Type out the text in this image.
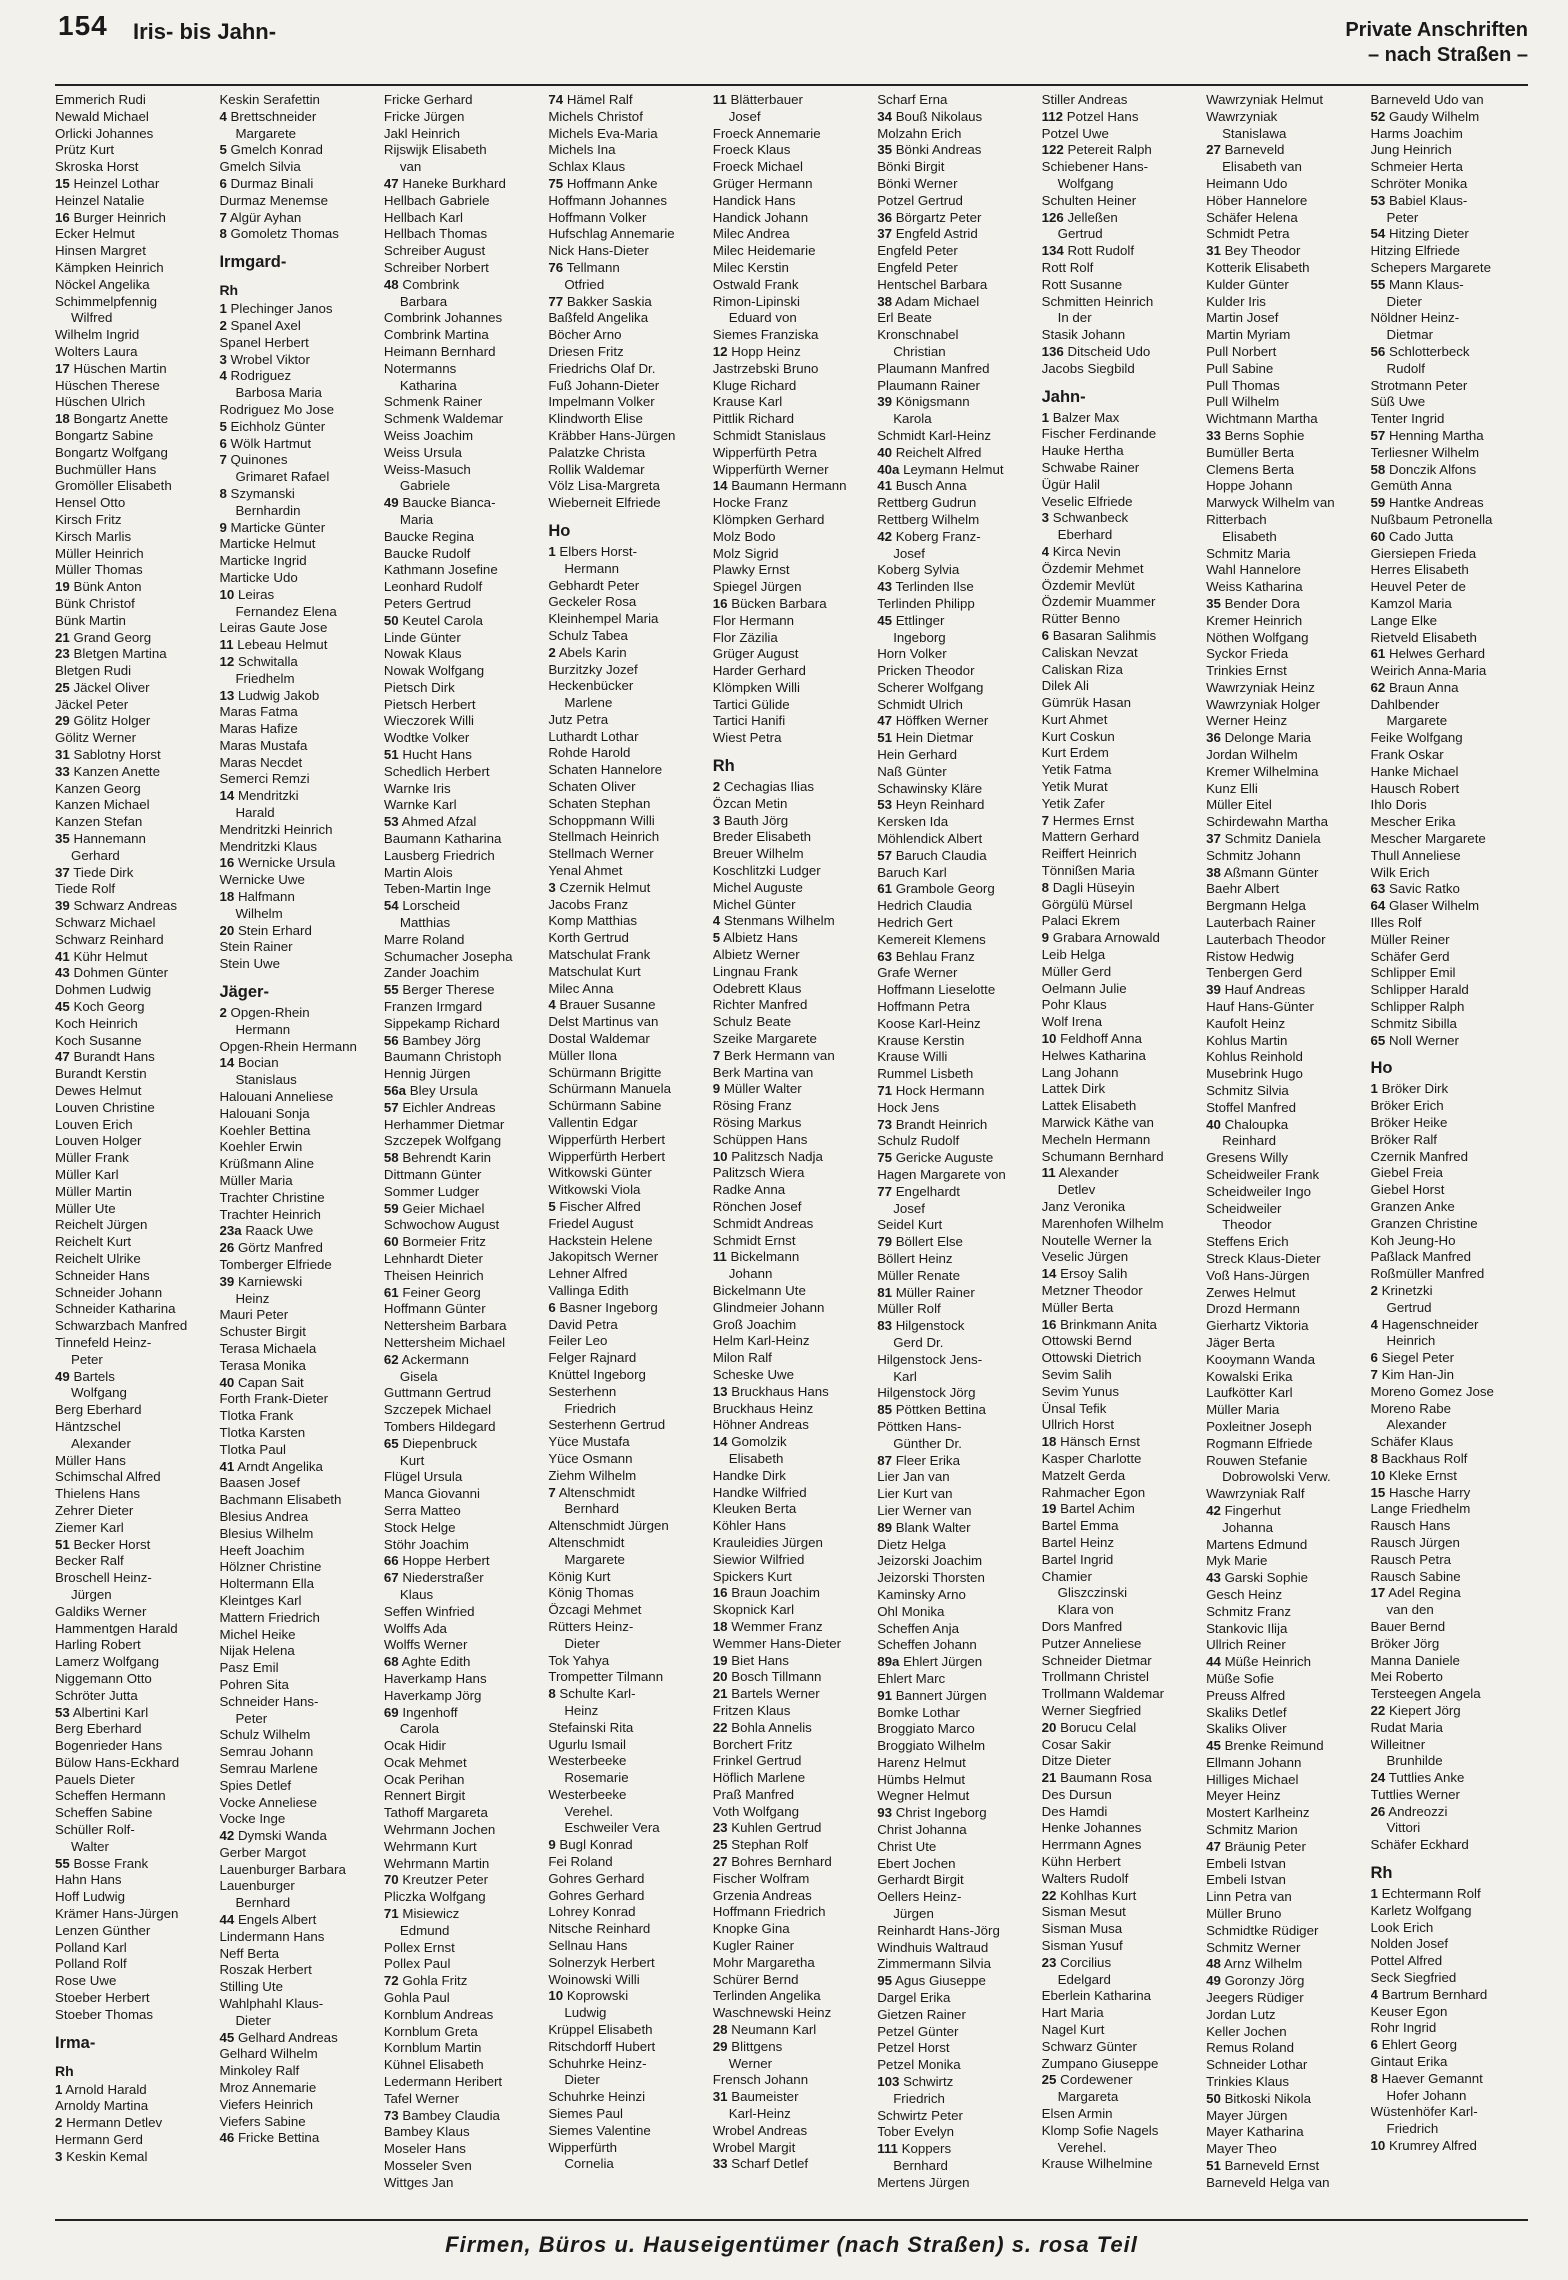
154 Iris- bis Jahn-	Private Anschriften
– nach Straßen –
Emmerich Rudi
Newald Michael
Orlicki Johannes
Prütz Kurt
Skroska Horst
15 Heinzel Lothar
Heinzel Natalie
16 Burger Heinrich
Ecker Helmut
Hinsen Margret
Kämpken Heinrich
Nöckel Angelika
Schimmelpfennig
Wilfred
Wilhelm Ingrid
Wolters Laura
17 Hüschen Martin
Hüschen Therese
Hüschen Ulrich
18 Bongartz Anette
Bongartz Sabine
Bongartz Wolfgang
Buchmüller Hans
Gromöller Elisabeth
Hensel Otto
Kirsch Fritz
Kirsch Marlis
Müller Heinrich
Müller Thomas
19 Bünk Anton
Bünk Christof
Bünk Martin
21 Grand Georg
23 Bletgen Martina
Bletgen Rudi
25 Jäckel Oliver
Jäckel Peter
29 Gölitz Holger
Gölitz Werner
31 Sablotny Horst
33 Kanzen Anette
Kanzen Georg
Kanzen Michael
Kanzen Stefan
35 Hannemann
Gerhard
37 Tiede Dirk
Tiede Rolf
39 Schwarz Andreas
Schwarz Michael
Schwarz Reinhard
41 Kühr Helmut
43 Dohmen Günter
Dohmen Ludwig
45 Koch Georg
Koch Heinrich
Koch Susanne
47 Burandt Hans
Burandt Kerstin
Dewes Helmut
Louven Christine
Louven Erich
Louven Holger
Müller Frank
Müller Karl
Müller Martin
Müller Ute
Reichelt Jürgen
Reichelt Kurt
Reichelt Ulrike
Schneider Hans
Schneider Johann
Schneider Katharina
Schwarzbach Manfred
Tinnefeld Heinz-
Peter
49 Bartels
Wolfgang
Berg Eberhard
Häntzschel
Alexander
Müller Hans
Schimschal Alfred
Thielens Hans
Zehrer Dieter
Ziemer Karl
51 Becker Horst
Becker Ralf
Broschell Heinz-
Jürgen
Galdiks Werner
Hammentgen Harald
Harling Robert
Lamerz Wolfgang
Niggemann Otto
Schröter Jutta
53 Albertini Karl
Berg Eberhard
Bogenrieder Hans
Bülow Hans-Eckhard
Pauels Dieter
Scheffen Hermann
Scheffen Sabine
Schüller Rolf-
Walter
55 Bosse Frank
Hahn Hans
Hoff Ludwig
Krämer Hans-Jürgen
Lenzen Günther
Polland Karl
Polland Rolf
Rose Uwe
Stoeber Herbert
Stoeber Thomas
Irma-
Rh
1 Arnold Harald
Arnoldy Martina
2 Hermann Detlev
Hermann Gerd
3 Keskin Kemal
Keskin Serafettin
4 Brettschneider
Margarete
5 Gmelch Konrad
Gmelch Silvia
6 Durmaz Binali
Durmaz Menemse
7 Algür Ayhan
8 Gomoletz Thomas
Irmgard-
Rh
1 Plechinger Janos
2 Spanel Axel
Spanel Herbert
3 Wrobel Viktor
4 Rodriguez
Barbosa Maria
Rodriguez Mo Jose
5 Eichholz Günter
6 Wölk Hartmut
7 Quinones
Grimaret Rafael
8 Szymanski
Bernhardin
9 Marticke Günter
Marticke Helmut
Marticke Ingrid
Marticke Udo
10 Leiras
Fernandez Elena
Leiras Gaute Jose
11 Lebeau Helmut
12 Schwitalla
Friedhelm
13 Ludwig Jakob
Maras Fatma
Maras Hafize
Maras Mustafa
Maras Necdet
Semerci Remzi
14 Mendritzki
Harald
Mendritzki Heinrich
Mendritzki Klaus
16 Wernicke Ursula
Wernicke Uwe
18 Halfmann
Wilhelm
20 Stein Erhard
Stein Rainer
Stein Uwe
Jäger-
2 Opgen-Rhein
Hermann
Opgen-Rhein Hermann
14 Bocian
Stanislaus
Halouani Anneliese
Halouani Sonja
Koehler Bettina
Koehler Erwin
Krüßmann Aline
Müller Maria
Trachter Christine
Trachter Heinrich
23a Raack Uwe
26 Görtz Manfred
Tomberger Elfriede
39 Karniewski
Heinz
Mauri Peter
Schuster Birgit
Terasa Michaela
Terasa Monika
40 Capan Sait
Forth Frank-Dieter
Tlotka Frank
Tlotka Karsten
Tlotka Paul
41 Arndt Angelika
Baasen Josef
Bachmann Elisabeth
Blesius Andrea
Blesius Wilhelm
Heeft Joachim
Hölzner Christine
Holtermann Ella
Kleintges Karl
Mattern Friedrich
Michel Heike
Nijak Helena
Pasz Emil
Pohren Sita
Schneider Hans-
Peter
Schulz Wilhelm
Semrau Johann
Semrau Marlene
Spies Detlef
Vocke Anneliese
Vocke Inge
42 Dymski Wanda
Gerber Margot
Lauenburger Barbara
Lauenburger
Bernhard
44 Engels Albert
Lindermann Hans
Neff Berta
Roszak Herbert
Stilling Ute
Wahlphahl Klaus-
Dieter
45 Gelhard Andreas
Gelhard Wilhelm
Minkoley Ralf
Mroz Annemarie
Viefers Heinrich
Viefers Sabine
46 Fricke Bettina
Fricke Gerhard
Fricke Jürgen
Jakl Heinrich
Rijswijk Elisabeth
van
47 Haneke Burkhard
Hellbach Gabriele
Hellbach Karl
Hellbach Thomas
Schreiber August
Schreiber Norbert
48 Combrink
Barbara
Combrink Johannes
Combrink Martina
Heimann Bernhard
Notermanns
Katharina
Schmenk Rainer
Schmenk Waldemar
Weiss Joachim
Weiss Ursula
Weiss-Masuch
Gabriele
49 Baucke Bianca-
Maria
Baucke Regina
Baucke Rudolf
Kathmann Josefine
Leonhard Rudolf
Peters Gertrud
50 Keutel Carola
Linde Günter
Nowak Klaus
Nowak Wolfgang
Pietsch Dirk
Pietsch Herbert
Wieczorek Willi
Wodtke Volker
51 Hucht Hans
Schedlich Herbert
Warnke Iris
Warnke Karl
53 Ahmed Afzal
Baumann Katharina
Lausberg Friedrich
Martin Alois
Teben-Martin Inge
54 Lorscheid
Matthias
Marre Roland
Schumacher Josepha
Zander Joachim
55 Berger Therese
Franzen Irmgard
Sippekamp Richard
56 Bambey Jörg
Baumann Christoph
Hennig Jürgen
56a Bley Ursula
57 Eichler Andreas
Herhammer Dietmar
Szczepek Wolfgang
58 Behrendt Karin
Dittmann Günter
Sommer Ludger
59 Geier Michael
Schwochow August
60 Bormeier Fritz
Lehnhardt Dieter
Theisen Heinrich
61 Feiner Georg
Hoffmann Günter
Nettersheim Barbara
Nettersheim Michael
62 Ackermann
Gisela
Guttmann Gertrud
Szczepek Michael
Tombers Hildegard
65 Diepenbruck
Kurt
Flügel Ursula
Manca Giovanni
Serra Matteo
Stock Helge
Stöhr Joachim
66 Hoppe Herbert
67 Niederstraßer
Klaus
Seffen Winfried
Wolffs Ada
Wolffs Werner
68 Aghte Edith
Haverkamp Hans
Haverkamp Jörg
69 Ingenhoff
Carola
Ocak Hidir
Ocak Mehmet
Ocak Perihan
Rennert Birgit
Tathoff Margareta
Wehrmann Jochen
Wehrmann Kurt
Wehrmann Martin
70 Kreutzer Peter
Pliczka Wolfgang
71 Misiewicz
Edmund
Pollex Ernst
Pollex Paul
72 Gohla Fritz
Gohla Paul
Kornblum Andreas
Kornblum Greta
Kornblum Martin
Kühnel Elisabeth
Ledermann Heribert
Tafel Werner
73 Bambey Claudia
Bambey Klaus
Moseler Hans
Mosseler Sven
Wittges Jan
74 Hämel Ralf
Michels Christof
Michels Eva-Maria
Michels Ina
Schlax Klaus
75 Hoffmann Anke
Hoffmann Johannes
Hoffmann Volker
Hufschlag Annemarie
Nick Hans-Dieter
76 Tellmann
Otfried
77 Bakker Saskia
Baßfeld Angelika
Böcher Arno
Driesen Fritz
Friedrichs Olaf Dr.
Fuß Johann-Dieter
Impelmann Volker
Klindworth Elise
Kräbber Hans-Jürgen
Palatzke Christa
Rollik Waldemar
Völz Lisa-Margreta
Wieberneit Elfriede
Ho
1 Elbers Horst-
Hermann
Gebhardt Peter
Geckeler Rosa
Kleinhempel Maria
Schulz Tabea
2 Abels Karin
Burzitzky Jozef
Heckenbücker
Marlene
Jutz Petra
Luthardt Lothar
Rohde Harold
Schaten Hannelore
Schaten Oliver
Schaten Stephan
Schoppmann Willi
Stellmach Heinrich
Stellmach Werner
Yenal Ahmet
3 Czernik Helmut
Jacobs Franz
Komp Matthias
Korth Gertrud
Matschulat Frank
Matschulat Kurt
Milec Anna
4 Brauer Susanne
Delst Martinus van
Dostal Waldemar
Müller Ilona
Schürmann Brigitte
Schürmann Manuela
Schürmann Sabine
Vallentin Edgar
Wipperfürth Herbert
Wipperfürth Herbert
Witkowski Günter
Witkowski Viola
5 Fischer Alfred
Friedel August
Hackstein Helene
Jakopitsch Werner
Lehner Alfred
Vallinga Edith
6 Basner Ingeborg
David Petra
Feiler Leo
Felger Rajnard
Knüttel Ingeborg
Sesterhenn
Friedrich
Sesterhenn Gertrud
Yüce Mustafa
Yüce Osmann
Ziehm Wilhelm
7 Altenschmidt
Bernhard
Altenschmidt Jürgen
Altenschmidt
Margarete
König Kurt
König Thomas
Özcagi Mehmet
Rütters Heinz-
Dieter
Tok Yahya
Trompetter Tilmann
8 Schulte Karl-
Heinz
Stefainski Rita
Ugurlu Ismail
Westerbeeke
Rosemarie
Westerbeeke
Verehel.
Eschweiler Vera
9 Bugl Konrad
Fei Roland
Gohres Gerhard
Gohres Gerhard
Lohrey Konrad
Nitsche Reinhard
Sellnau Hans
Solnerzyk Herbert
Woinowski Willi
10 Koprowski
Ludwig
Krüppel Elisabeth
Ritschdorff Hubert
Schuhrke Heinz-
Dieter
Schuhrke Heinzi
Siemes Paul
Siemes Valentine
Wipperfürth
Cornelia
11 Blätterbauer
Josef
Froeck Annemarie
Froeck Klaus
Froeck Michael
Grüger Hermann
Handick Hans
Handick Johann
Milec Andrea
Milec Heidemarie
Milec Kerstin
Ostwald Frank
Rimon-Lipinski
Eduard von
Siemes Franziska
12 Hopp Heinz
Jastrzebski Bruno
Kluge Richard
Krause Karl
Pittlik Richard
Schmidt Stanislaus
Wipperfürth Petra
Wipperfürth Werner
14 Baumann Hermann
Hocke Franz
Klömpken Gerhard
Molz Bodo
Molz Sigrid
Plawky Ernst
Spiegel Jürgen
16 Bücken Barbara
Flor Hermann
Flor Zäzilia
Grüger August
Harder Gerhard
Klömpken Willi
Tartici Gülide
Tartici Hanifi
Wiest Petra
Rh
2 Cechagias Ilias
Özcan Metin
3 Bauth Jörg
Breder Elisabeth
Breuer Wilhelm
Koschlitzki Ludger
Michel Auguste
Michel Günter
4 Stenmans Wilhelm
5 Albietz Hans
Albietz Werner
Lingnau Frank
Odebrett Klaus
Richter Manfred
Schulz Beate
Szeike Margarete
7 Berk Hermann van
Berk Martina van
9 Müller Walter
Rösing Franz
Rösing Markus
Schüppen Hans
10 Palitzsch Nadja
Palitzsch Wiera
Radke Anna
Rönchen Josef
Schmidt Andreas
Schmidt Ernst
11 Bickelmann
Johann
Bickelmann Ute
Glindmeier Johann
Groß Joachim
Helm Karl-Heinz
Milon Ralf
Scheske Uwe
13 Bruckhaus Hans
Bruckhaus Heinz
Höhner Andreas
14 Gomolzik
Elisabeth
Handke Dirk
Handke Wilfried
Kleuken Berta
Köhler Hans
Krauleidies Jürgen
Siewior Wilfried
Spickers Kurt
16 Braun Joachim
Skopnick Karl
18 Wemmer Franz
Wemmer Hans-Dieter
19 Biet Hans
20 Bosch Tillmann
21 Bartels Werner
Fritzen Klaus
22 Bohla Annelis
Borchert Fritz
Frinkel Gertrud
Höflich Marlene
Praß Manfred
Voth Wolfgang
23 Kuhlen Gertrud
25 Stephan Rolf
27 Bohres Bernhard
Fischer Wolfram
Grzenia Andreas
Hoffmann Friedrich
Knopke Gina
Kugler Rainer
Mohr Margaretha
Schürer Bernd
Terlinden Angelika
Waschnewski Heinz
28 Neumann Karl
29 Blittgens
Werner
Frensch Johann
31 Baumeister
Karl-Heinz
Wrobel Andreas
Wrobel Margit
33 Scharf Detlef
Scharf Erna
34 Bouß Nikolaus
Molzahn Erich
35 Bönki Andreas
Bönki Birgit
Bönki Werner
Potzel Gertrud
36 Börgartz Peter
37 Engfeld Astrid
Engfeld Peter
Engfeld Peter
Hentschel Barbara
38 Adam Michael
Erl Beate
Kronschnabel
Christian
Plaumann Manfred
Plaumann Rainer
39 Königsmann
Karola
Schmidt Karl-Heinz
40 Reichelt Alfred
40a Leymann Helmut
41 Busch Anna
Rettberg Gudrun
Rettberg Wilhelm
42 Koberg Franz-
Josef
Koberg Sylvia
43 Terlinden Ilse
Terlinden Philipp
45 Ettlinger
Ingeborg
Horn Volker
Pricken Theodor
Scherer Wolfgang
Schmidt Ulrich
47 Höffken Werner
51 Hein Dietmar
Hein Gerhard
Naß Günter
Schawinsky Kläre
53 Heyn Reinhard
Kersken Ida
Möhlendick Albert
57 Baruch Claudia
Baruch Karl
61 Grambole Georg
Hedrich Claudia
Hedrich Gert
Kemereit Klemens
63 Behlau Franz
Grafe Werner
Hoffmann Lieselotte
Hoffmann Petra
Koose Karl-Heinz
Krause Kerstin
Krause Willi
Rummel Lisbeth
71 Hock Hermann
Hock Jens
73 Brandt Heinrich
Schulz Rudolf
75 Gericke Auguste
Hagen Margarete von
77 Engelhardt
Josef
Seidel Kurt
79 Böllert Else
Böllert Heinz
Müller Renate
81 Müller Rainer
Müller Rolf
83 Hilgenstock
Gerd Dr.
Hilgenstock Jens-
Karl
Hilgenstock Jörg
85 Pöttken Bettina
Pöttken Hans-
Günther Dr.
87 Fleer Erika
Lier Jan van
Lier Kurt van
Lier Werner van
89 Blank Walter
Dietz Helga
Jeizorski Joachim
Jeizorski Thorsten
Kaminsky Arno
Ohl Monika
Scheffen Anja
Scheffen Johann
89a Ehlert Jürgen
Ehlert Marc
91 Bannert Jürgen
Bomke Lothar
Broggiato Marco
Broggiato Wilhelm
Harenz Helmut
Hümbs Helmut
Wegner Helmut
93 Christ Ingeborg
Christ Johanna
Christ Ute
Ebert Jochen
Gerhardt Birgit
Oellers Heinz-
Jürgen
Reinhardt Hans-Jörg
Windhuis Waltraud
Zimmermann Silvia
95 Agus Giuseppe
Dargel Erika
Gietzen Rainer
Petzel Günter
Petzel Horst
Petzel Monika
103 Schwirtz
Friedrich
Schwirtz Peter
Tober Evelyn
111 Koppers
Bernhard
Mertens Jürgen
Stiller Andreas
112 Potzel Hans
Potzel Uwe
122 Petereit Ralph
Schiebener Hans-
Wolfgang
Schulten Heiner
126 Jelleßen
Gertrud
134 Rott Rudolf
Rott Rolf
Rott Susanne
Schmitten Heinrich
In der
Stasik Johann
136 Ditscheid Udo
Jacobs Siegbild
Jahn-
1 Balzer Max
Fischer Ferdinande
Hauke Hertha
Schwabe Rainer
Ügür Halil
Veselic Elfriede
3 Schwanbeck
Eberhard
4 Kirca Nevin
Özdemir Mehmet
Özdemir Mevlüt
Özdemir Muammer
Rütter Benno
6 Basaran Salihmis
Caliskan Nevzat
Caliskan Riza
Dilek Ali
Gümrük Hasan
Kurt Ahmet
Kurt Coskun
Kurt Erdem
Yetik Fatma
Yetik Murat
Yetik Zafer
7 Hermes Ernst
Mattern Gerhard
Reiffert Heinrich
Tönnißen Maria
8 Dagli Hüseyin
Görgülü Mürsel
Palaci Ekrem
9 Grabara Arnowald
Leib Helga
Müller Gerd
Oelmann Julie
Pohr Klaus
Wolf Irena
10 Feldhoff Anna
Helwes Katharina
Lang Johann
Lattek Dirk
Lattek Elisabeth
Marwick Käthe van
Mecheln Hermann
Schumann Bernhard
11 Alexander
Detlev
Janz Veronika
Marenhofen Wilhelm
Noutelle Werner la
Veselic Jürgen
14 Ersoy Salih
Metzner Theodor
Müller Berta
16 Brinkmann Anita
Ottowski Bernd
Ottowski Dietrich
Sevim Salih
Sevim Yunus
Ünsal Tefik
Ullrich Horst
18 Hänsch Ernst
Kasper Charlotte
Matzelt Gerda
Rahmacher Egon
19 Bartel Achim
Bartel Emma
Bartel Heinz
Bartel Ingrid
Chamier
Gliszczinski
Klara von
Dors Manfred
Putzer Anneliese
Schneider Dietmar
Trollmann Christel
Trollmann Waldemar
Werner Siegfried
20 Borucu Celal
Cosar Sakir
Ditze Dieter
21 Baumann Rosa
Des Dursun
Des Hamdi
Henke Johannes
Herrmann Agnes
Kühn Herbert
Walters Rudolf
22 Kohlhas Kurt
Sisman Mesut
Sisman Musa
Sisman Yusuf
23 Corcilius
Edelgard
Eberlein Katharina
Hart Maria
Nagel Kurt
Schwarz Günter
Zumpano Giuseppe
25 Cordewener
Margareta
Elsen Armin
Klomp Sofie Nagels
Verehel.
Krause Wilhelmine
Wawrzyniak Helmut
Wawrzyniak
Stanislawa
27 Barneveld
Elisabeth van
Heimann Udo
Höber Hannelore
Schäfer Helena
Schmidt Petra
31 Bey Theodor
Kotterik Elisabeth
Kulder Günter
Kulder Iris
Martin Josef
Martin Myriam
Pull Norbert
Pull Sabine
Pull Thomas
Pull Wilhelm
Wichtmann Martha
33 Berns Sophie
Bumüller Berta
Clemens Berta
Hoppe Johann
Marwyck Wilhelm van
Ritterbach
Elisabeth
Schmitz Maria
Wahl Hannelore
Weiss Katharina
35 Bender Dora
Kremer Heinrich
Nöthen Wolfgang
Syckor Frieda
Trinkies Ernst
Wawrzyniak Heinz
Wawrzyniak Holger
Werner Heinz
36 Delonge Maria
Jordan Wilhelm
Kremer Wilhelmina
Kunz Elli
Müller Eitel
Schirdewahn Martha
37 Schmitz Daniela
Schmitz Johann
38 Aßmann Günter
Baehr Albert
Bergmann Helga
Lauterbach Rainer
Lauterbach Theodor
Ristow Hedwig
Tenbergen Gerd
39 Hauf Andreas
Hauf Hans-Günter
Kaufolt Heinz
Kohlus Martin
Kohlus Reinhold
Musebrink Hugo
Schmitz Silvia
Stoffel Manfred
40 Chaloupka
Reinhard
Gresens Willy
Scheidweiler Frank
Scheidweiler Ingo
Scheidweiler
Theodor
Steffens Erich
Streck Klaus-Dieter
Voß Hans-Jürgen
Zerwes Helmut
Drozd Hermann
Gierhartz Viktoria
Jäger Berta
Kooymann Wanda
Kowalski Erika
Laufkötter Karl
Müller Maria
Poxleitner Joseph
Rogmann Elfriede
Rouwen Stefanie
Dobrowolski Verw.
Wawrzyniak Ralf
42 Fingerhut
Johanna
Martens Edmund
Myk Marie
43 Garski Sophie
Gesch Heinz
Schmitz Franz
Stankovic Ilija
Ullrich Reiner
44 Müße Heinrich
Müße Sofie
Preuss Alfred
Skaliks Detlef
Skaliks Oliver
45 Brenke Reimund
Ellmann Johann
Hilliges Michael
Meyer Heinz
Mostert Karlheinz
Schmitz Marion
47 Bräunig Peter
Embeli Istvan
Embeli Istvan
Linn Petra van
Müller Bruno
Schmidtke Rüdiger
Schmitz Werner
48 Arnz Wilhelm
49 Goronzy Jörg
Jeegers Rüdiger
Jordan Lutz
Keller Jochen
Remus Roland
Schneider Lothar
Trinkies Klaus
50 Bitkoski Nikola
Mayer Jürgen
Mayer Katharina
Mayer Theo
51 Barneveld Ernst
Barneveld Helga van
Barneveld Udo van
52 Gaudy Wilhelm
Harms Joachim
Jung Heinrich
Schmeier Herta
Schröter Monika
53 Babiel Klaus-
Peter
54 Hitzing Dieter
Hitzing Elfriede
Schepers Margarete
55 Mann Klaus-
Dieter
Nöldner Heinz-
Dietmar
56 Schlotterbeck
Rudolf
Strotmann Peter
Süß Uwe
Tenter Ingrid
57 Henning Martha
Terliesner Wilhelm
58 Donczik Alfons
Gemüth Anna
59 Hantke Andreas
Nußbaum Petronella
60 Cado Jutta
Giersiepen Frieda
Herres Elisabeth
Heuvel Peter de
Kamzol Maria
Lange Elke
Rietveld Elisabeth
61 Helwes Gerhard
Weirich Anna-Maria
62 Braun Anna
Dahlbender
Margarete
Feike Wolfgang
Frank Oskar
Hanke Michael
Hausch Robert
Ihlo Doris
Mescher Erika
Mescher Margarete
Thull Anneliese
Wilk Erich
63 Savic Ratko
64 Glaser Wilhelm
Illes Rolf
Müller Reiner
Schäfer Gerd
Schlipper Emil
Schlipper Harald
Schlipper Ralph
Schmitz Sibilla
65 Noll Werner
Ho
1 Bröker Dirk
Bröker Erich
Bröker Heike
Bröker Ralf
Czernik Manfred
Giebel Freia
Giebel Horst
Granzen Anke
Granzen Christine
Koh Jeung-Ho
Paßlack Manfred
Roßmüller Manfred
2 Krinetzki
Gertrud
4 Hagenschneider
Heinrich
6 Siegel Peter
7 Kim Han-Jin
Moreno Gomez Jose
Moreno Rabe
Alexander
Schäfer Klaus
8 Backhaus Rolf
10 Kleke Ernst
15 Hasche Harry
Lange Friedhelm
Rausch Hans
Rausch Jürgen
Rausch Petra
Rausch Sabine
17 Adel Regina
van den
Bauer Bernd
Bröker Jörg
Manna Daniele
Mei Roberto
Tersteegen Angela
22 Kiepert Jörg
Rudat Maria
Willeitner
Brunhilde
24 Tuttlies Anke
Tuttlies Werner
26 Andreozzi
Vittori
Schäfer Eckhard
Rh
1 Echtermann Rolf
Karletz Wolfgang
Look Erich
Nolden Josef
Pottel Alfred
Seck Siegfried
4 Bartrum Bernhard
Keuser Egon
Rohr Ingrid
6 Ehlert Georg
Gintaut Erika
8 Haever Gemannt
Hofer Johann
Wüstenhöfer Karl-
Friedrich
10 Krumrey Alfred
Firmen, Büros u. Hauseigentümer (nach Straßen) s. rosa Teil
